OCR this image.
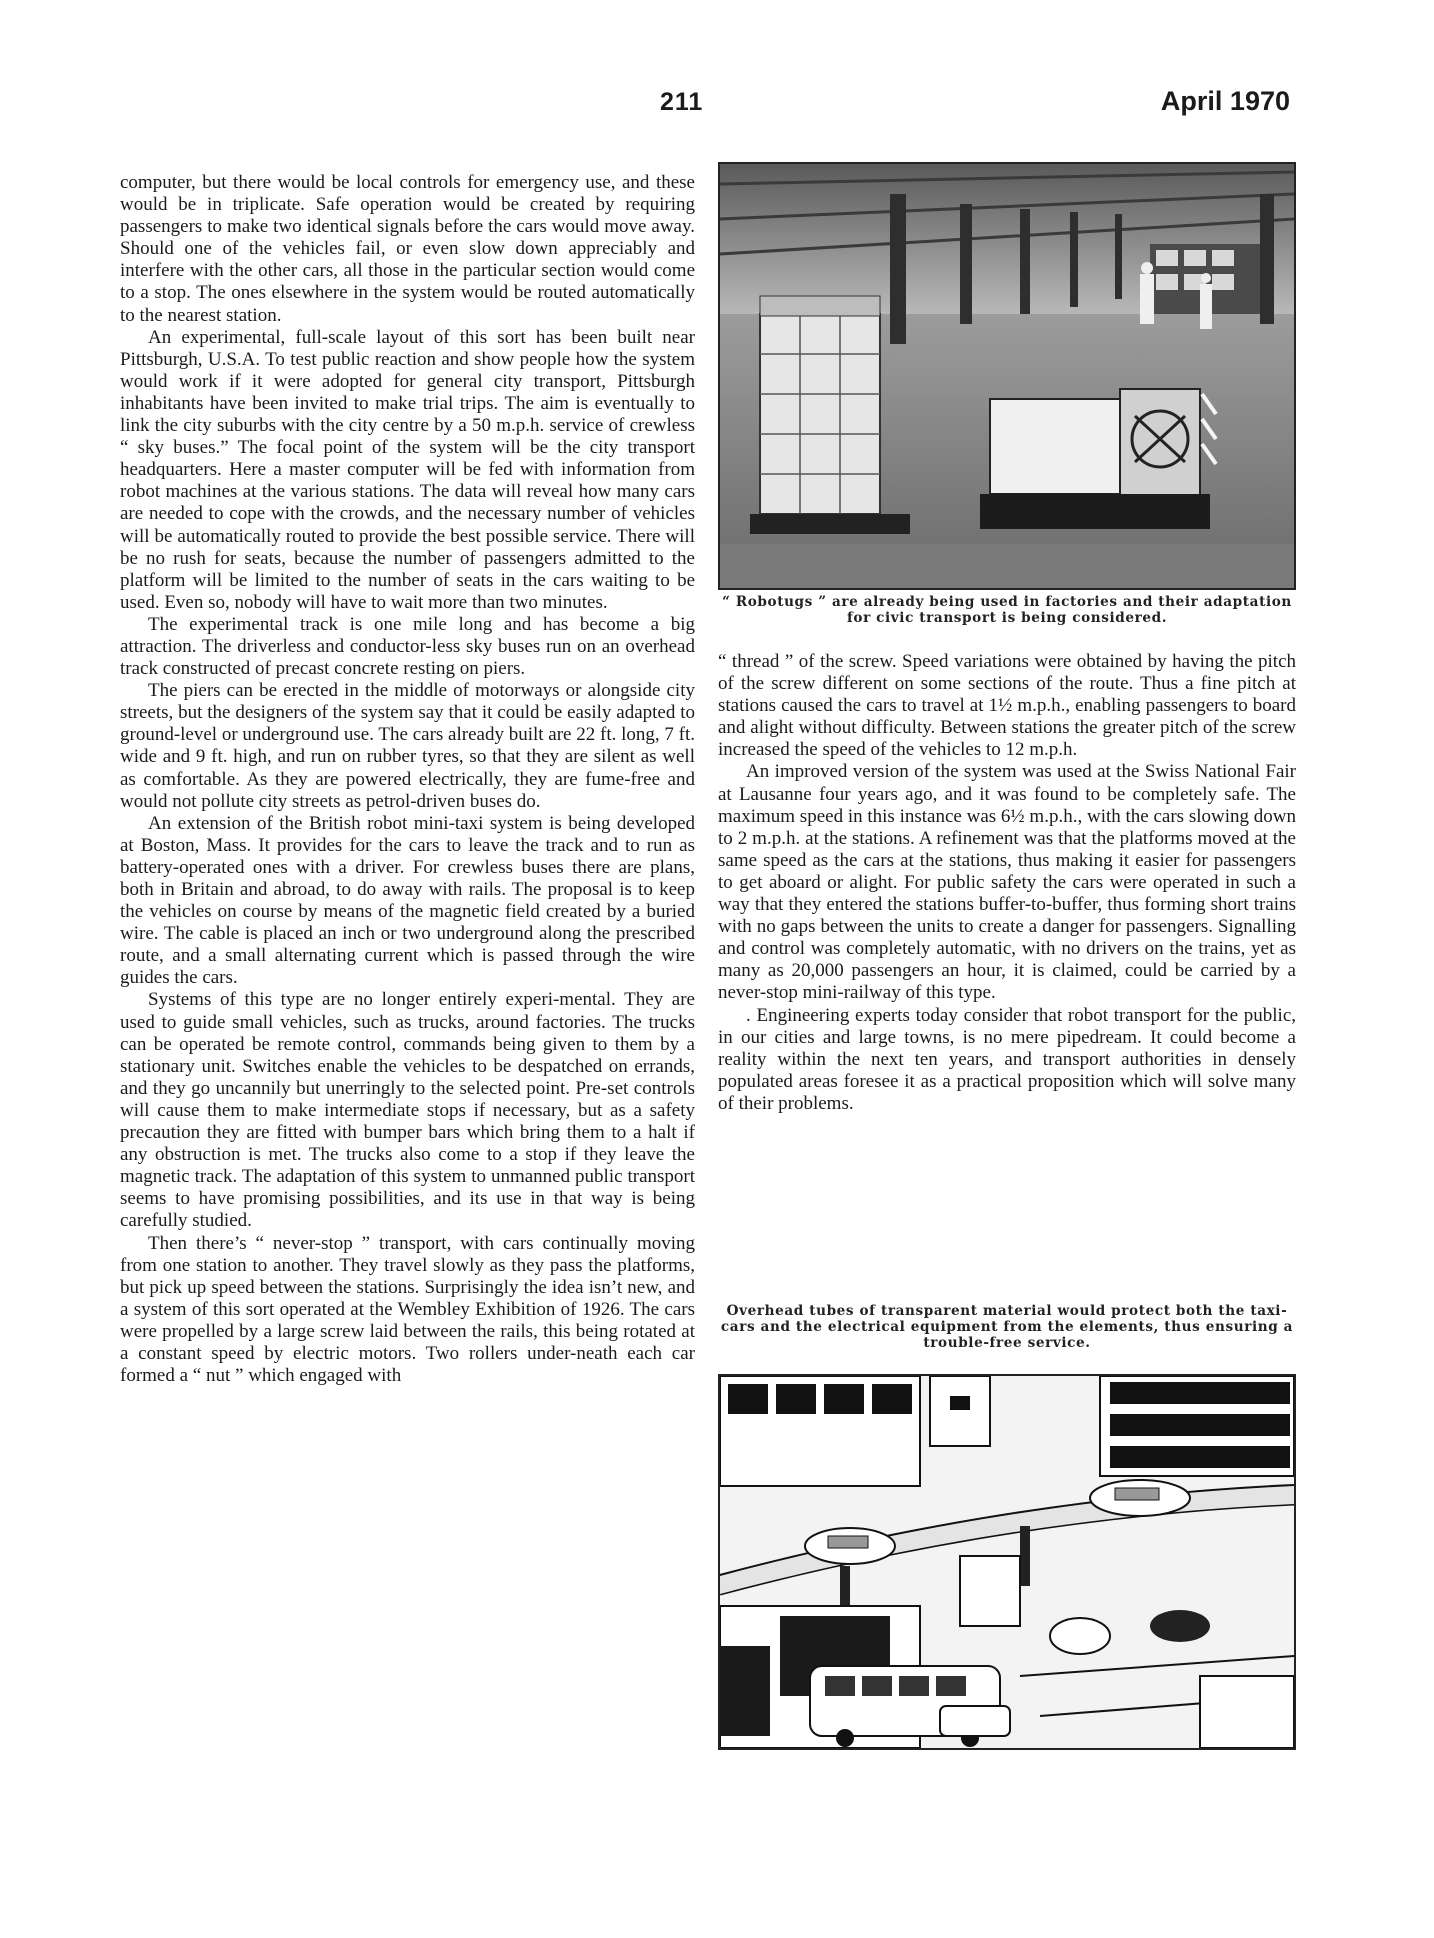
211	April 1970

computer, but there would be local controls for emergency use, and these would be in triplicate. Safe operation would be created by requiring passengers to make two identical signals before the cars would move away. Should one of the vehicles fail, or even slow down appreciably and interfere with the other cars, all those in the particular section would come to a stop. The ones elsewhere in the system would be routed automatically to the nearest station.

An experimental, full-scale layout of this sort has been built near Pittsburgh, U.S.A. To test public reaction and show people how the system would work if it were adopted for general city transport, Pittsburgh inhabitants have been invited to make trial trips. The aim is eventually to link the city suburbs with the city centre by a 50 m.p.h. service of crewless “ sky buses.” The focal point of the system will be the city transport headquarters. Here a master computer will be fed with information from robot machines at the various stations. The data will reveal how many cars are needed to cope with the crowds, and the necessary number of vehicles will be automatically routed to provide the best possible service. There will be no rush for seats, because the number of passengers admitted to the platform will be limited to the number of seats in the cars waiting to be used. Even so, nobody will have to wait more than two minutes.

The experimental track is one mile long and has become a big attraction. The driverless and conductor-less sky buses run on an overhead track constructed of precast concrete resting on piers.

The piers can be erected in the middle of motorways or alongside city streets, but the designers of the system say that it could be easily adapted to ground-level or underground use. The cars already built are 22 ft. long, 7 ft. wide and 9 ft. high, and run on rubber tyres, so that they are silent as well as comfortable. As they are powered electrically, they are fume-free and would not pollute city streets as petrol-driven buses do.

An extension of the British robot mini-taxi system is being developed at Boston, Mass. It provides for the cars to leave the track and to run as battery-operated ones with a driver. For crewless buses there are plans, both in Britain and abroad, to do away with rails. The proposal is to keep the vehicles on course by means of the magnetic field created by a buried wire. The cable is placed an inch or two underground along the prescribed route, and a small alternating current which is passed through the wire guides the cars.

Systems of this type are no longer entirely experi-mental. They are used to guide small vehicles, such as trucks, around factories. The trucks can be operated be remote control, commands being given to them by a stationary unit. Switches enable the vehicles to be despatched on errands, and they go uncannily but unerringly to the selected point. Pre-set controls will cause them to make intermediate stops if necessary, but as a safety precaution they are fitted with bumper bars which bring them to a halt if any obstruction is met. The trucks also come to a stop if they leave the magnetic track. The adaptation of this system to unmanned public transport seems to have promising possibilities, and its use in that way is being carefully studied.

Then there’s “ never-stop ” transport, with cars continually moving from one station to another. They travel slowly as they pass the platforms, but pick up speed between the stations. Surprisingly the idea isn’t new, and a system of this sort operated at the Wembley Exhibition of 1926. The cars were propelled by a large screw laid between the rails, this being rotated at a constant speed by electric motors. Two rollers under-neath each car formed a “ nut ” which engaged with

“ Robotugs ” are already being used in factories and their adaptation for civic transport is being considered.

“ thread ” of the screw. Speed variations were obtained by having the pitch of the screw different on some sections of the route. Thus a fine pitch at stations caused the cars to travel at 1½ m.p.h., enabling passengers to board and alight without difficulty. Between stations the greater pitch of the screw increased the speed of the vehicles to 12 m.p.h.

An improved version of the system was used at the Swiss National Fair at Lausanne four years ago, and it was found to be completely safe. The maximum speed in this instance was 6½ m.p.h., with the cars slowing down to 2 m.p.h. at the stations. A refinement was that the platforms moved at the same speed as the cars at the stations, thus making it easier for passengers to get aboard or alight. For public safety the cars were operated in such a way that they entered the stations buffer-to-buffer, thus forming short trains with no gaps between the units to create a danger for passengers. Signalling and control was completely automatic, with no drivers on the trains, yet as many as 20,000 passengers an hour, it is claimed, could be carried by a never-stop mini-railway of this type.

. Engineering experts today consider that robot transport for the public, in our cities and large towns, is no mere pipedream. It could become a reality within the next ten years, and transport authorities in densely populated areas foresee it as a practical proposition which will solve many of their problems.

Overhead tubes of transparent material would protect both the taxi-cars and the electrical equipment from the elements, thus ensuring a trouble-free service.
